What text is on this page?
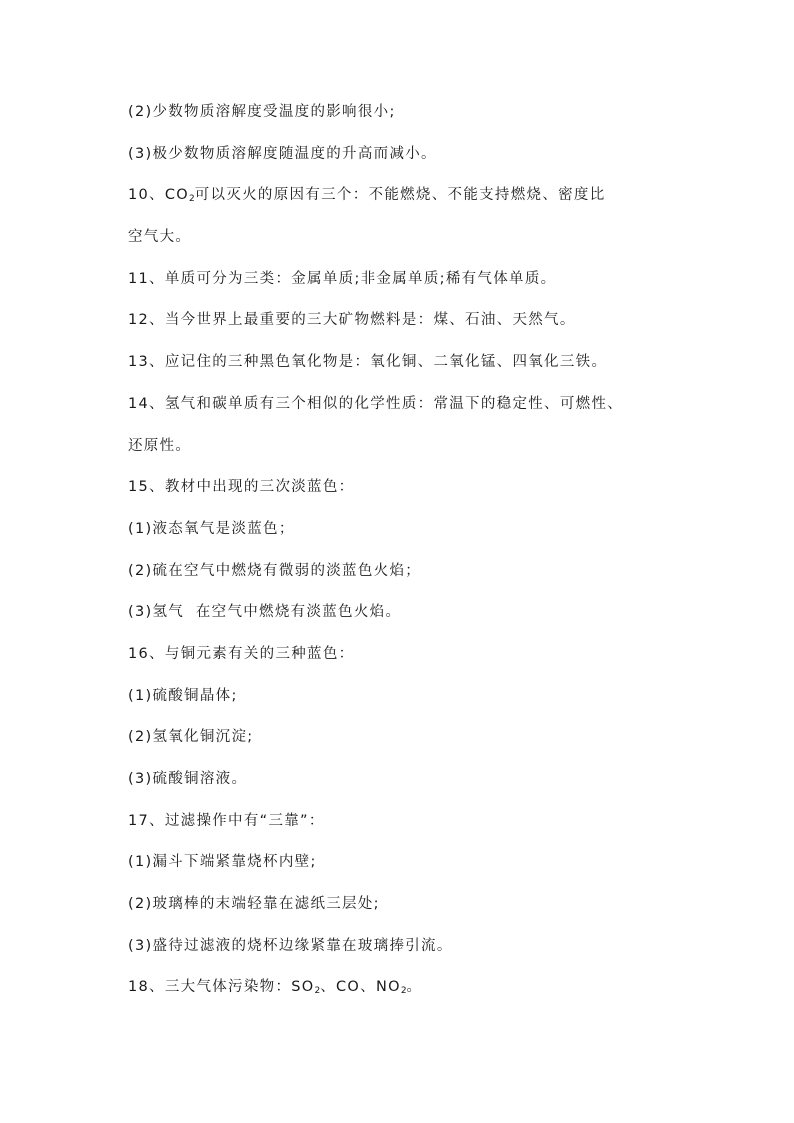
(2)少数物质溶解度受温度的影响很小;
(3)极少数物质溶解度随温度的升高而减小。
10、$CO_2$可以灭火的原因有三个：不能燃烧、不能支持燃烧、密度比
空气大。
11、单质可分为三类：金属单质;非金属单质;稀有气体单质。
12、当今世界上最重要的三大矿物燃料是：煤、石油、天然气。
13、应记住的三种黑色氧化物是：氧化铜、二氧化锰、四氧化三铁。
14、氢气和碳单质有三个相似的化学性质：常温下的稳定性、可燃性、
还原性。
15、教材中出现的三次淡蓝色：
(1)液态氧气是淡蓝色；
(2)硫在空气中燃烧有微弱的淡蓝色火焰；
(3)氢气  在空气中燃烧有淡蓝色火焰。
16、与铜元素有关的三种蓝色：
(1)硫酸铜晶体;
(2)氢氧化铜沉淀;
(3)硫酸铜溶液。
17、过滤操作中有“三靠”：
(1)漏斗下端紧靠烧杯内壁;
(2)玻璃棒的末端轻靠在滤纸三层处;
(3)盛待过滤液的烧杯边缘紧靠在玻璃捧引流。
18、三大气体污染物：$SO_2$、CO、$NO_2$。
